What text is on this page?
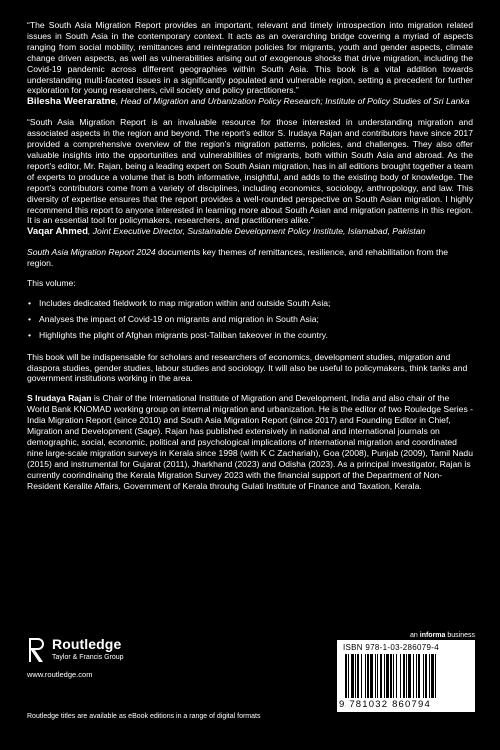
“The South Asia Migration Report provides an important, relevant and timely introspection into migration related issues in South Asia in the contemporary context. It acts as an overarching bridge covering a myriad of aspects ranging from social mobility, remittances and reintegration policies for migrants, youth and gender aspects, climate change driven aspects, as well as vulnerabilities arising out of exogenous shocks that drive migration, including the Covid-19 pandemic across different geographies within South Asia. This book is a vital addition towards understanding multi-faceted issues in a significantly populated and vulnerable region, setting a precedent for further exploration for young researchers, civil society and policy practitioners.”

Bilesha Weeraratne, Head of Migration and Urbanization Policy Research; Institute of Policy Studies of Sri Lanka

“South Asia Migration Report is an invaluable resource for those interested in understanding migration and associated aspects in the region and beyond. The report’s editor S. Irudaya Rajan and contributors have since 2017 provided a comprehensive overview of the region’s migration patterns, policies, and challenges. They also offer valuable insights into the opportunities and vulnerabilities of migrants, both within South Asia and abroad. As the report’s editor, Mr. Rajan, being a leading expert on South Asian migration, has in all editions brought together a team of experts to produce a volume that is both informative, insightful, and adds to the existing body of knowledge. The report’s contributors come from a variety of disciplines, including economics, sociology, anthropology, and law. This diversity of expertise ensures that the report provides a well-rounded perspective on South Asian migration. I highly recommend this report to anyone interested in learning more about South Asian and migration patterns in this region. It is an essential tool for policymakers, researchers, and practitioners alike.”

Vaqar Ahmed, Joint Executive Director, Sustainable Development Policy Institute, Islamabad, Pakistan

South Asia Migration Report 2024 documents key themes of remittances, resilience, and rehabilitation from the region.

This volume:

• Includes dedicated fieldwork to map migration within and outside South Asia;
• Analyses the impact of Covid-19 on migrants and migration in South Asia;
• Highlights the plight of Afghan migrants post-Taliban takeover in the country.

This book will be indispensable for scholars and researchers of economics, development studies, migration and diaspora studies, gender studies, labour studies and sociology. It will also be useful to policymakers, think tanks and government institutions working in the area.

S Irudaya Rajan is Chair of the International Institute of Migration and Development, India and also chair of the World Bank KNOMAD working group on internal migration and urbanization. He is the editor of two Rouledge Series - India Migration Report (since 2010) and South Asia Migration Report (since 2017) and Founding Editor in Chief, Migration and Development (Sage). Rajan has published extensively in national and international journals on demographic, social, economic, political and psychological implications of international migration and coordinated nine large-scale migration surveys in Kerala since 1998 (with K C Zachariah), Goa (2008), Punjab (2009), Tamil Nadu (2015) and instrumental for Gujarat (2011), Jharkhand (2023) and Odisha (2023). As a principal investigator, Rajan is currently coorindinaing the Kerala Migration Survey 2023 with the financial support of the Department of Non-Resident Keralite Affairs, Government of Kerala throuhg Gulati Institute of Finance and Taxation, Kerala.

Routledge
Taylor & Francis Group
www.routledge.com
an informa business
ISBN 978-1-03-286079-4
9 781032 860794
Routledge titles are available as eBook editions in a range of digital formats
